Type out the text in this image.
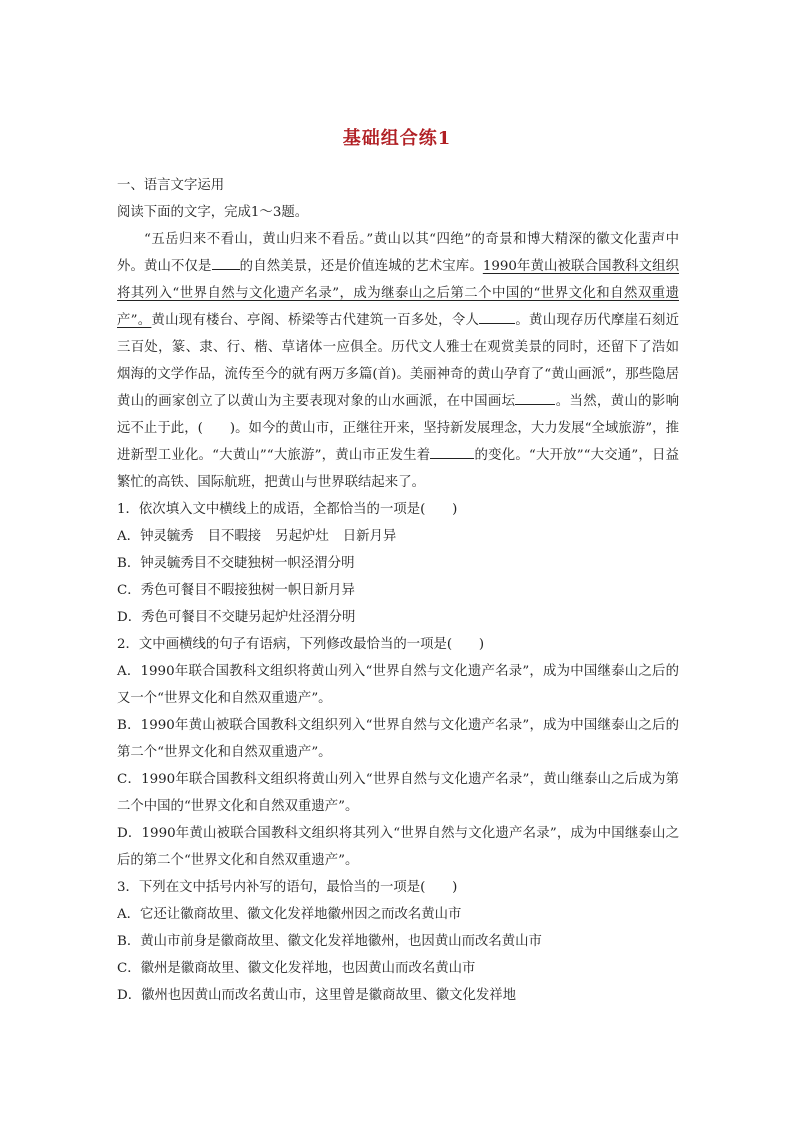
基础组合练1
一、语言文字运用
阅读下面的文字，完成1～3题。
“五岳归来不看山，黄山归来不看岳。”黄山以其“四绝”的奇景和博大精深的徽文化蜚声中外。黄山不仅是 的自然美景，还是价值连城的艺术宝库。1990年黄山被联合国教科文组织将其列入“世界自然与文化遗产名录”，成为继泰山之后第二个中国的“世界文化和自然双重遗产”。黄山现有楼台、亭阁、桥梁等古代建筑一百多处，令人	。黄山现存历代摩崖石刻近三百处，篆、隶、行、楷、草诸体一应俱全。历代文人雅士在观赏美景的同时，还留下了浩如烟海的文学作品，流传至今的就有两万多篇(首)。美丽神奇的黄山孕育了“黄山画派”，那些隐居黄山的画家创立了以黄山为主要表现对象的山水画派，在中国画坛	。当然，黄山的影响远不止于此，(　　)。如今的黄山市，正继往开来，坚持新发展理念，大力发展“全域旅游”，推进新型工业化。“大黄山”“大旅游”，黄山市正发生着	的变化。“大开放”“大交通”，日益繁忙的高铁、国际航班，把黄山与世界联结起来了。
1．依次填入文中横线上的成语，全都恰当的一项是(　　)
A．钟灵毓秀 目不暇接 另起炉灶 日新月异
B．钟灵毓秀目不交睫独树一帜泾渭分明
C．秀色可餐目不暇接独树一帜日新月异
D．秀色可餐目不交睫另起炉灶泾渭分明
2．文中画横线的句子有语病，下列修改最恰当的一项是(　　)
A．1990年联合国教科文组织将黄山列入“世界自然与文化遗产名录”，成为中国继泰山之后的又一个“世界文化和自然双重遗产”。
B．1990年黄山被联合国教科文组织列入“世界自然与文化遗产名录”，成为中国继泰山之后的第二个“世界文化和自然双重遗产”。
C．1990年联合国教科文组织将黄山列入“世界自然与文化遗产名录”，黄山继泰山之后成为第二个中国的“世界文化和自然双重遗产”。
D．1990年黄山被联合国教科文组织将其列入“世界自然与文化遗产名录”，成为中国继泰山之后的第二个“世界文化和自然双重遗产”。
3．下列在文中括号内补写的语句，最恰当的一项是(　　)
A．它还让徽商故里、徽文化发祥地徽州因之而改名黄山市
B．黄山市前身是徽商故里、徽文化发祥地徽州，也因黄山而改名黄山市
C．徽州是徽商故里、徽文化发祥地，也因黄山而改名黄山市
D．徽州也因黄山而改名黄山市，这里曾是徽商故里、徽文化发祥地
